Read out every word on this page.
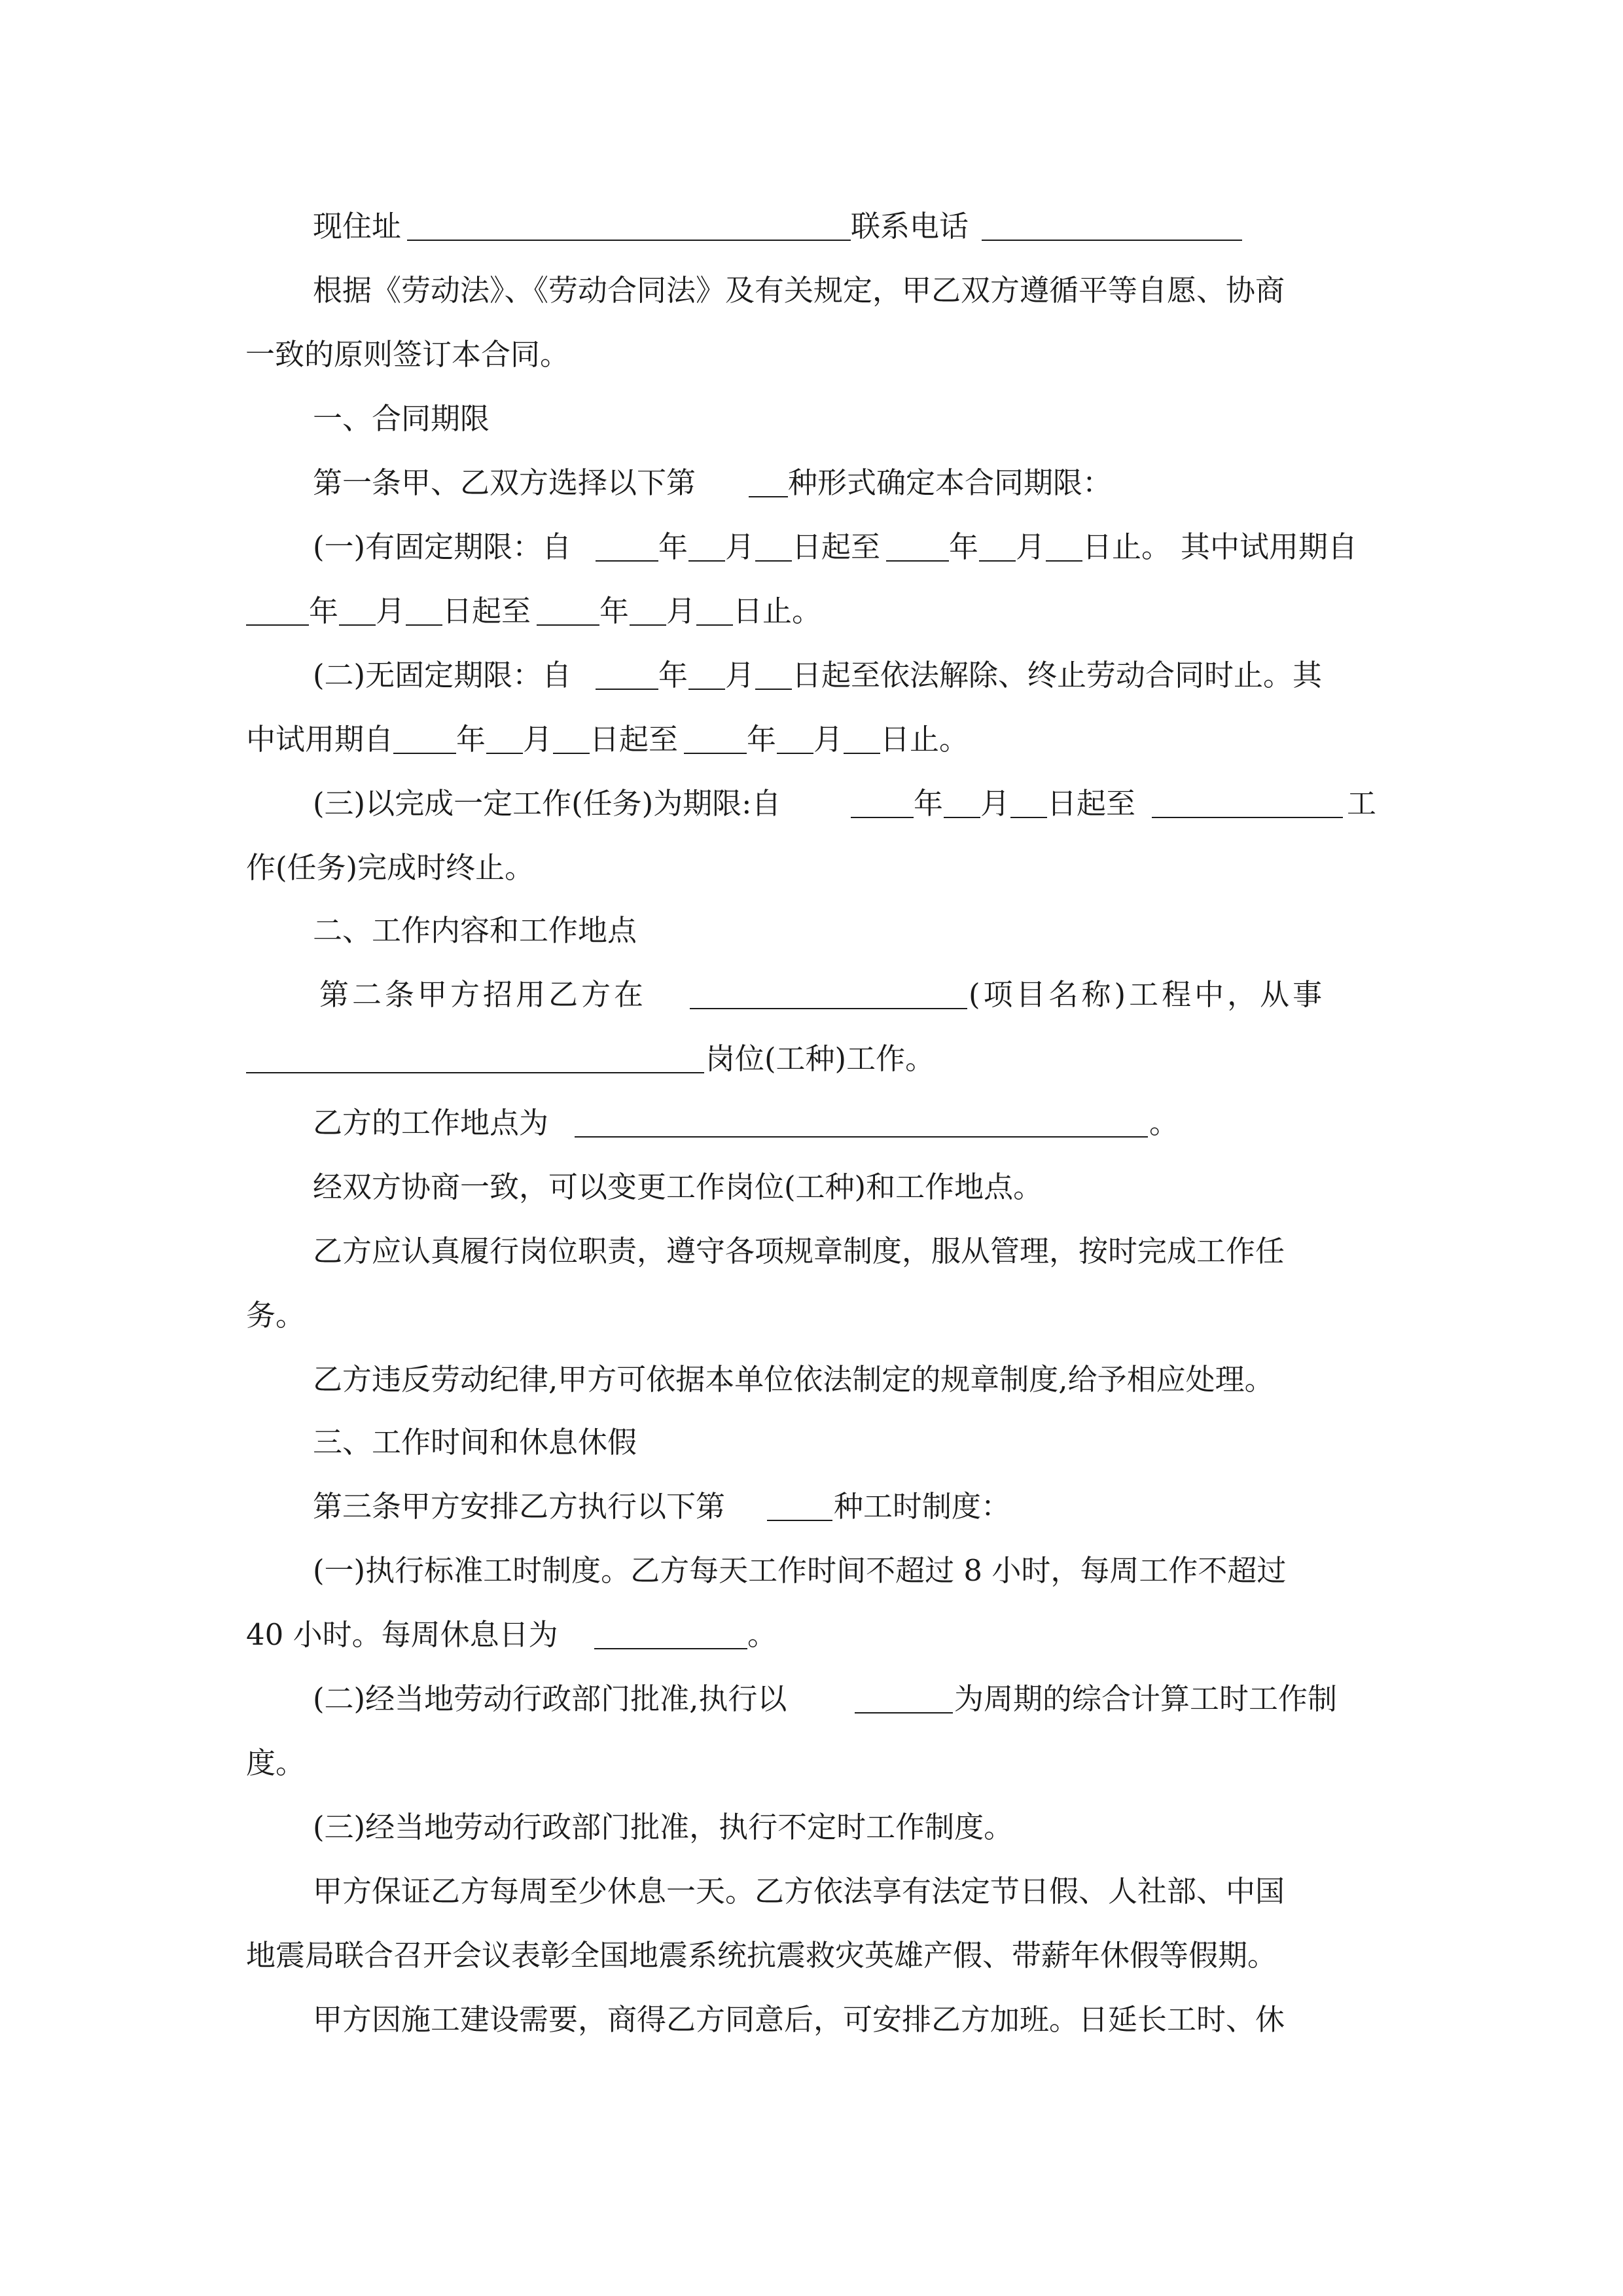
现住址	联系电话
根据《劳动法》、《劳动合同法》及有关规定，甲乙双方遵循平等自愿、协商
一致的原则签订本合同。
一、合同期限
第一条甲、乙双方选择以下第	种形式确定本合同期限：
(一)有固定期限：自	年 月 日起至 年 月 日止。 其中试用期自
年 月 日起至 年 月 日止。
(二)无固定期限：自	年 月 日起至依法解除、终止劳动合同时止。其
中试用期自 年 月 日起至 年 月 日止。
(三)以完成一定工作(任务)为期限:自	年 月 日起至	工
作(任务)完成时终止。
二、工作内容和工作地点
第二条甲方招用乙方在	(项目名称)工程中，从事
岗位(工种)工作。
乙方的工作地点为	。
经双方协商一致，可以变更工作岗位(工种)和工作地点。
乙方应认真履行岗位职责，遵守各项规章制度，服从管理，按时完成工作任
务。
乙方违反劳动纪律,甲方可依据本单位依法制定的规章制度,给予相应处理。
三、工作时间和休息休假
第三条甲方安排乙方执行以下第	种工时制度：
(一)执行标准工时制度。乙方每天工作时间不超过 8 小时，每周工作不超过
40 小时。每周休息日为	。
(二)经当地劳动行政部门批准,执行以	为周期的综合计算工时工作制
度。
(三)经当地劳动行政部门批准，执行不定时工作制度。
甲方保证乙方每周至少休息一天。乙方依法享有法定节日假、人社部、中国
地震局联合召开会议表彰全国地震系统抗震救灾英雄产假、带薪年休假等假期。
甲方因施工建设需要，商得乙方同意后，可安排乙方加班。日延长工时、休
